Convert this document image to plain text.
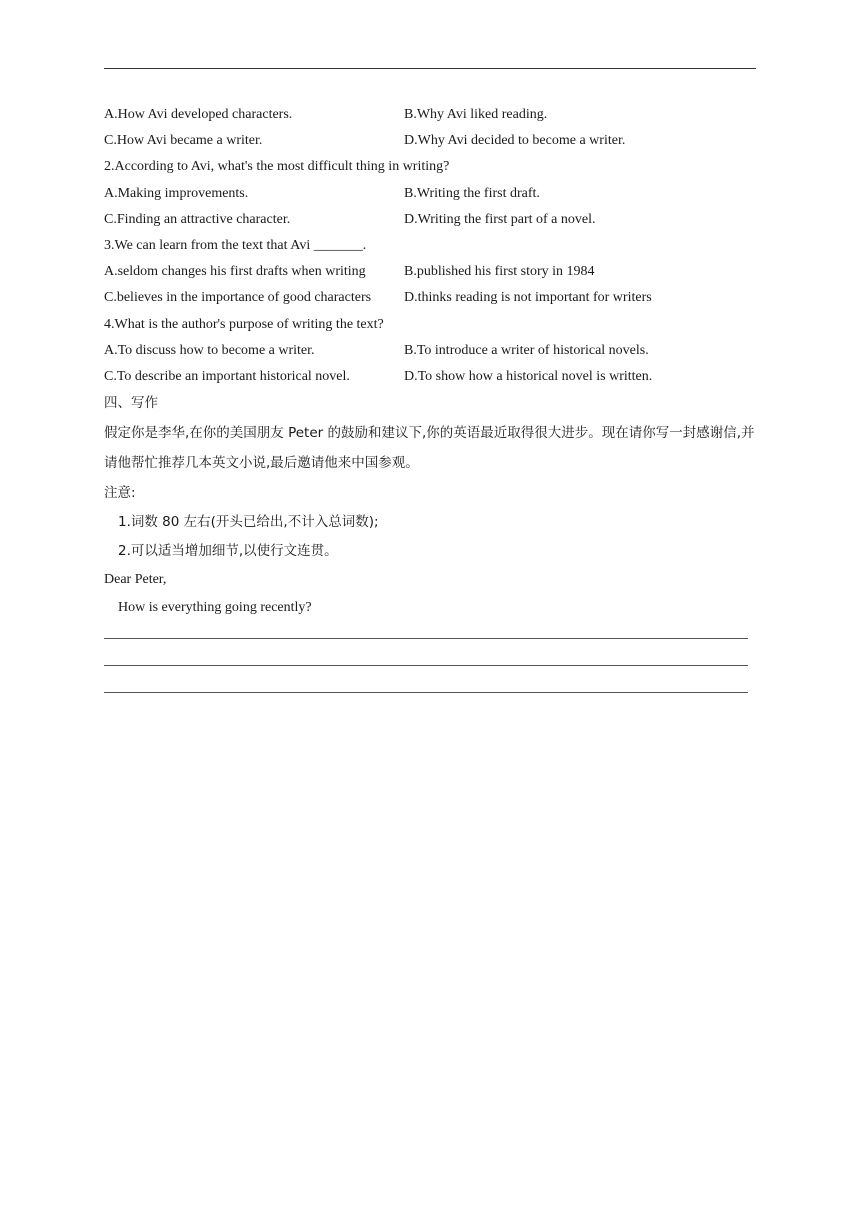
A.How Avi developed characters.	B.Why Avi liked reading.
C.How Avi became a writer.	D.Why Avi decided to become a writer.
2.According to Avi, what's the most difficult thing in writing?
A.Making improvements.	B.Writing the first draft.
C.Finding an attractive character.	D.Writing the first part of a novel.
3.We can learn from the text that Avi _______.
A.seldom changes his first drafts when writing	B.published his first story in 1984
C.believes in the importance of good characters D.thinks reading is not important for writers
4.What is the author's purpose of writing the text?
A.To discuss how to become a writer.	B.To introduce a writer of historical novels.
C.To describe an important historical novel.	D.To show how a historical novel is written.
四、写作
假定你是李华,在你的美国朋友 Peter 的鼓励和建议下,你的英语最近取得很大进步。现在请你写一封感谢信,并请他帮忙推荐几本英文小说,最后邀请他来中国参观。
注意:
1.词数 80 左右(开头已给出,不计入总词数);
2.可以适当增加细节,以使行文连贯。
Dear Peter,
How is everything going recently?
